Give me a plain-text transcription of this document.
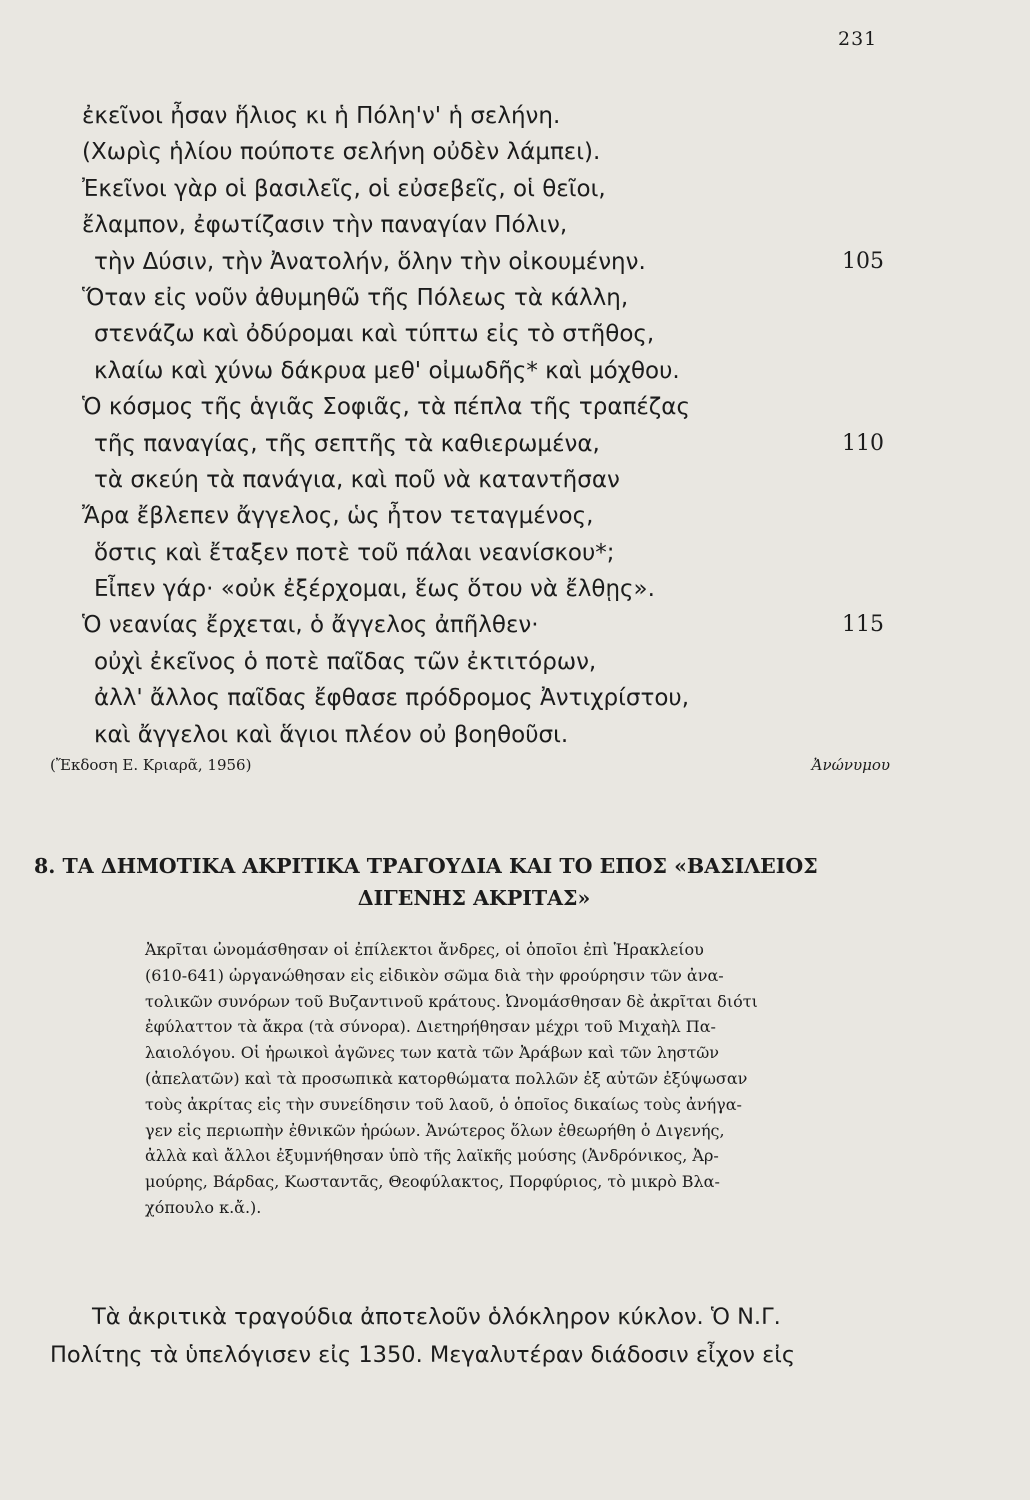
231
ἐκεῖνοι ἦσαν ἥλιος κι ἡ Πόλη'ν' ἡ σελήνη.
(Χωρὶς ἡλίου πούποτε σελήνη οὐδὲν λάμπει).
Ἐκεῖνοι γὰρ οἱ βασιλεῖς, οἱ εὐσεβεῖς, οἱ θεῖοι,
ἔλαμπον, ἐφωτίζασιν τὴν παναγίαν Πόλιν,
τὴν Δύσιν, τὴν Ἀνατολήν, ὅλην τὴν οἰκουμένην.	105
Ὅταν εἰς νοῦν ἀθυμηθῶ τῆς Πόλεως τὰ κάλλη,
στενάζω καὶ ὀδύρομαι καὶ τύπτω εἰς τὸ στῆθος,
κλαίω καὶ χύνω δάκρυα μεθ' οἰμωδῆς* καὶ μόχθου.
Ὁ κόσμος τῆς ἁγιᾶς Σοφιᾶς, τὰ πέπλα τῆς τραπέζας
τῆς παναγίας, τῆς σεπτῆς τὰ καθιερωμένα,	110
τὰ σκεύη τὰ πανάγια, καὶ ποῦ νὰ καταντῆσαν
Ἄρα ἔβλεπεν ἄγγελος, ὡς ἦτον τεταγμένος,
ὅστις καὶ ἔταξεν ποτὲ τοῦ πάλαι νεανίσκου*;
Εἶπεν γάρ· «οὐκ ἐξέρχομαι, ἕως ὅτου νὰ ἔλθῃς».
Ὁ νεανίας ἔρχεται, ὁ ἄγγελος ἀπῆλθεν·	115
οὐχὶ ἐκεῖνος ὁ ποτὲ παῖδας τῶν ἐκτιτόρων,
ἀλλ' ἄλλος παῖδας ἔφθασε πρόδρομος Ἀντιχρίστου,
καὶ ἄγγελοι καὶ ἅγιοι πλέον οὐ βοηθοῦσι.
(Ἔκδοση Ε. Κριαρᾶ, 1956)	Ἀνώνυμου
8. ΤΑ ΔΗΜΟΤΙΚΑ ΑΚΡΙΤΙΚΑ ΤΡΑΓΟΥΔΙΑ ΚΑΙ ΤΟ ΕΠΟΣ «ΒΑΣΙΛΕΙΟΣ
ΔΙΓΕΝΗΣ ΑΚΡΙΤΑΣ»
Ἀκρῖται ὠνομάσθησαν οἱ ἐπίλεκτοι ἄνδρες, οἱ ὁποῖοι ἐπὶ Ἡρακλείου
(610-641) ὠργανώθησαν εἰς εἰδικὸν σῶμα διὰ τὴν φρούρησιν τῶν ἀνα-
τολικῶν συνόρων τοῦ Βυζαντινοῦ κράτους. Ὠνομάσθησαν δὲ ἀκρῖται διότι
ἐφύλαττον τὰ ἄκρα (τὰ σύνορα). Διετηρήθησαν μέχρι τοῦ Μιχαὴλ Πα-
λαιολόγου. Οἱ ἡρωικοὶ ἀγῶνες των κατὰ τῶν Ἀράβων καὶ τῶν ληστῶν
(ἀπελατῶν) καὶ τὰ προσωπικὰ κατορθώματα πολλῶν ἐξ αὐτῶν ἐξύψωσαν
τοὺς ἀκρίτας εἰς τὴν συνείδησιν τοῦ λαοῦ, ὁ ὁποῖος δικαίως τοὺς ἀνήγα-
γεν εἰς περιωπὴν ἐθνικῶν ἡρώων. Ἀνώτερος ὅλων ἐθεωρήθη ὁ Διγενής,
ἀλλὰ καὶ ἄλλοι ἐξυμνήθησαν ὑπὸ τῆς λαϊκῆς μούσης (Ἀνδρόνικος, Ἀρ-
μούρης, Βάρδας, Κωσταντᾶς, Θεοφύλακτος, Πορφύριος, τὸ μικρὸ Βλα-
χόπουλο κ.ἄ.).
Τὰ ἀκριτικὰ τραγούδια ἀποτελοῦν ὁλόκληρον κύκλον. Ὁ Ν.Γ.
Πολίτης τὰ ὑπελόγισεν εἰς 1350. Μεγαλυτέραν διάδοσιν εἶχον εἰς
